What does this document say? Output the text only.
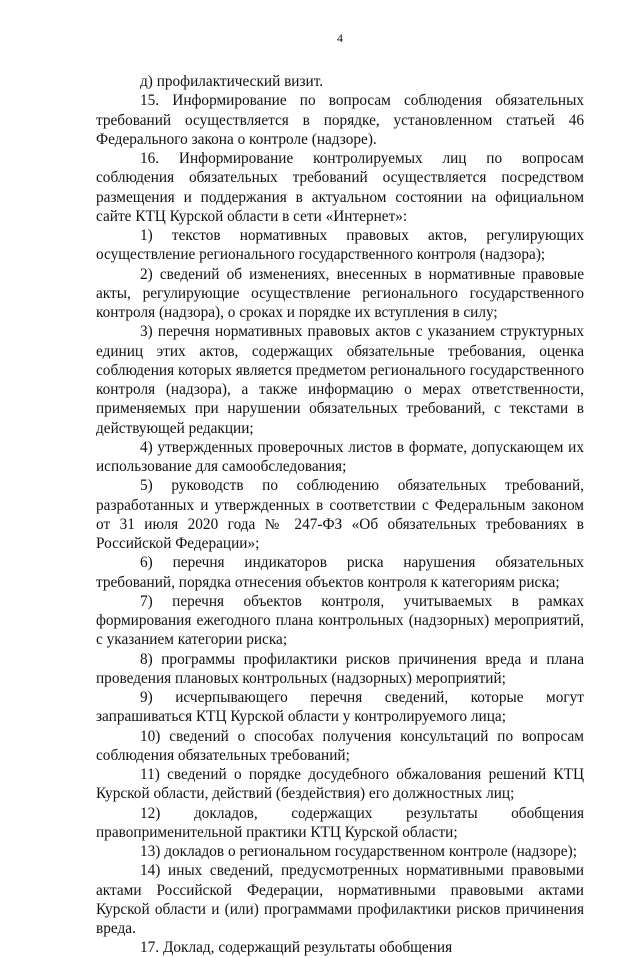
4

д) профилактический визит.

15. Информирование по вопросам соблюдения обязательных требований осуществляется в порядке, установленном статьей 46 Федерального закона о контроле (надзоре).

16. Информирование контролируемых лиц по вопросам соблюдения обязательных требований осуществляется посредством размещения и поддержания в актуальном состоянии на официальном сайте КТЦ Курской области в сети «Интернет»:

1) текстов нормативных правовых актов, регулирующих осуществление регионального государственного контроля (надзора);

2) сведений об изменениях, внесенных в нормативные правовые акты, регулирующие осуществление регионального государственного контроля (надзора), о сроках и порядке их вступления в силу;

3) перечня нормативных правовых актов с указанием структурных единиц этих актов, содержащих обязательные требования, оценка соблюдения которых является предметом регионального государственного контроля (надзора), а также информацию о мерах ответственности, применяемых при нарушении обязательных требований, с текстами в действующей редакции;

4) утвержденных проверочных листов в формате, допускающем их использование для самообследования;

5) руководств по соблюдению обязательных требований, разработанных и утвержденных в соответствии с Федеральным законом от 31 июля 2020 года № 247-ФЗ «Об обязательных требованиях в Российской Федерации»;

6) перечня индикаторов риска нарушения обязательных требований, порядка отнесения объектов контроля к категориям риска;

7) перечня объектов контроля, учитываемых в рамках формирования ежегодного плана контрольных (надзорных) мероприятий, с указанием категории риска;

8) программы профилактики рисков причинения вреда и плана проведения плановых контрольных (надзорных) мероприятий;

9) исчерпывающего перечня сведений, которые могут запрашиваться КТЦ Курской области у контролируемого лица;

10) сведений о способах получения консультаций по вопросам соблюдения обязательных требований;

11) сведений о порядке досудебного обжалования решений КТЦ Курской области, действий (бездействия) его должностных лиц;

12) докладов, содержащих результаты обобщения правоприменительной практики КТЦ Курской области;

13) докладов о региональном государственном контроле (надзоре);

14) иных сведений, предусмотренных нормативными правовыми актами Российской Федерации, нормативными правовыми актами Курской области и (или) программами профилактики рисков причинения вреда.

17. Доклад, содержащий результаты обобщения
